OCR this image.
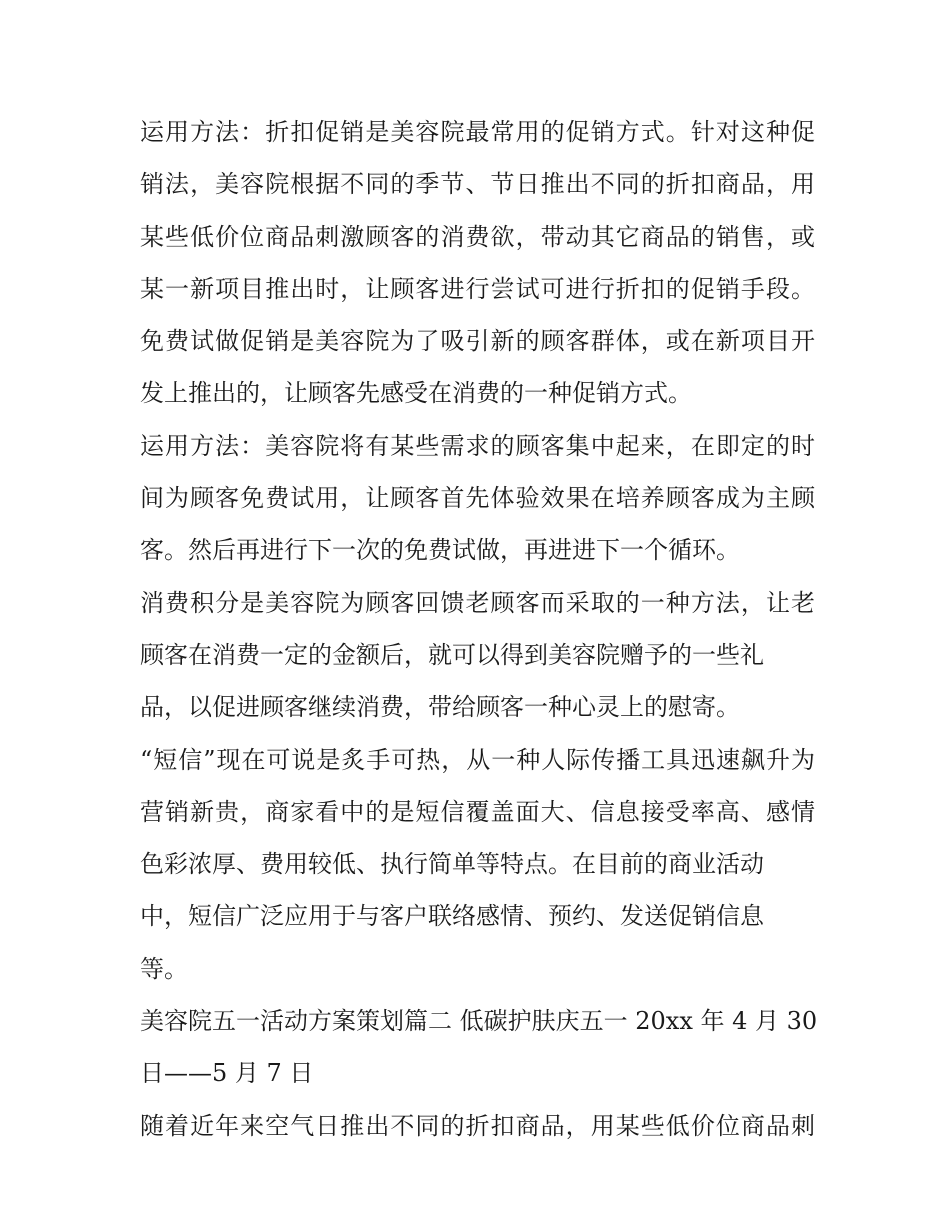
运用方法：折扣促销是美容院最常用的促销方式。针对这种促
销法，美容院根据不同的季节、节日推出不同的折扣商品，用
某些低价位商品刺激顾客的消费欲，带动其它商品的销售，或
某一新项目推出时，让顾客进行尝试可进行折扣的促销手段。
免费试做促销是美容院为了吸引新的顾客群体，或在新项目开
发上推出的，让顾客先感受在消费的一种促销方式。
运用方法：美容院将有某些需求的顾客集中起来，在即定的时
间为顾客免费试用，让顾客首先体验效果在培养顾客成为主顾
客。然后再进行下一次的免费试做，再进进下一个循环。
消费积分是美容院为顾客回馈老顾客而采取的一种方法，让老
顾客在消费一定的金额后，就可以得到美容院赠予的一些礼
品，以促进顾客继续消费，带给顾客一种心灵上的慰寄。
“短信”现在可说是炙手可热，从一种人际传播工具迅速飙升为
营销新贵，商家看中的是短信覆盖面大、信息接受率高、感情
色彩浓厚、费用较低、执行简单等特点。在目前的商业活动
中，短信广泛应用于与客户联络感情、预约、发送促销信息
等。
美容院五一活动方案策划篇二 低碳护肤庆五一 20xx 年 4 月 30
日——5 月 7 日
随着近年来空气日推出不同的折扣商品，用某些低价位商品刺
